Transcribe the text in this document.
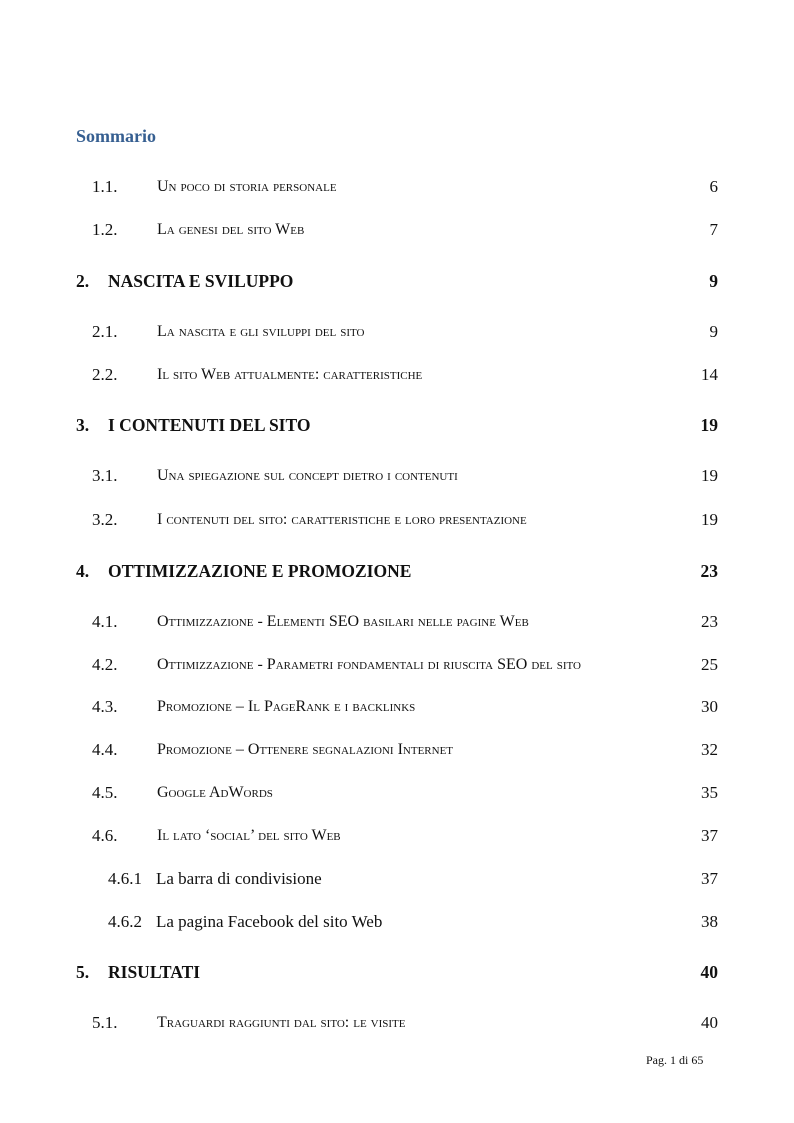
Sommario
1.1.	Un poco di storia personale	6
1.2.	La genesi del sito Web	7
2.	NASCITA E SVILUPPO	9
2.1.	La nascita e gli sviluppi del sito	9
2.2.	Il sito Web attualmente: caratteristiche	14
3.	I CONTENUTI DEL SITO	19
3.1.	Una spiegazione sul concept dietro i contenuti	19
3.2.	I contenuti del sito: caratteristiche e loro presentazione	19
4.	OTTIMIZZAZIONE E PROMOZIONE	23
4.1.	Ottimizzazione - Elementi SEO basilari nelle pagine Web	23
4.2.	Ottimizzazione - Parametri fondamentali di riuscita SEO del sito	25
4.3.	Promozione – Il PageRank e i backlinks	30
4.4.	Promozione – Ottenere segnalazioni Internet	32
4.5.	Google AdWords	35
4.6.	Il lato ‘social’ del sito Web	37
4.6.1 La barra di condivisione	37
4.6.2 La pagina Facebook del sito Web	38
5.	RISULTATI	40
5.1.	Traguardi raggiunti dal sito: le visite	40
Pag. 1 di 65
